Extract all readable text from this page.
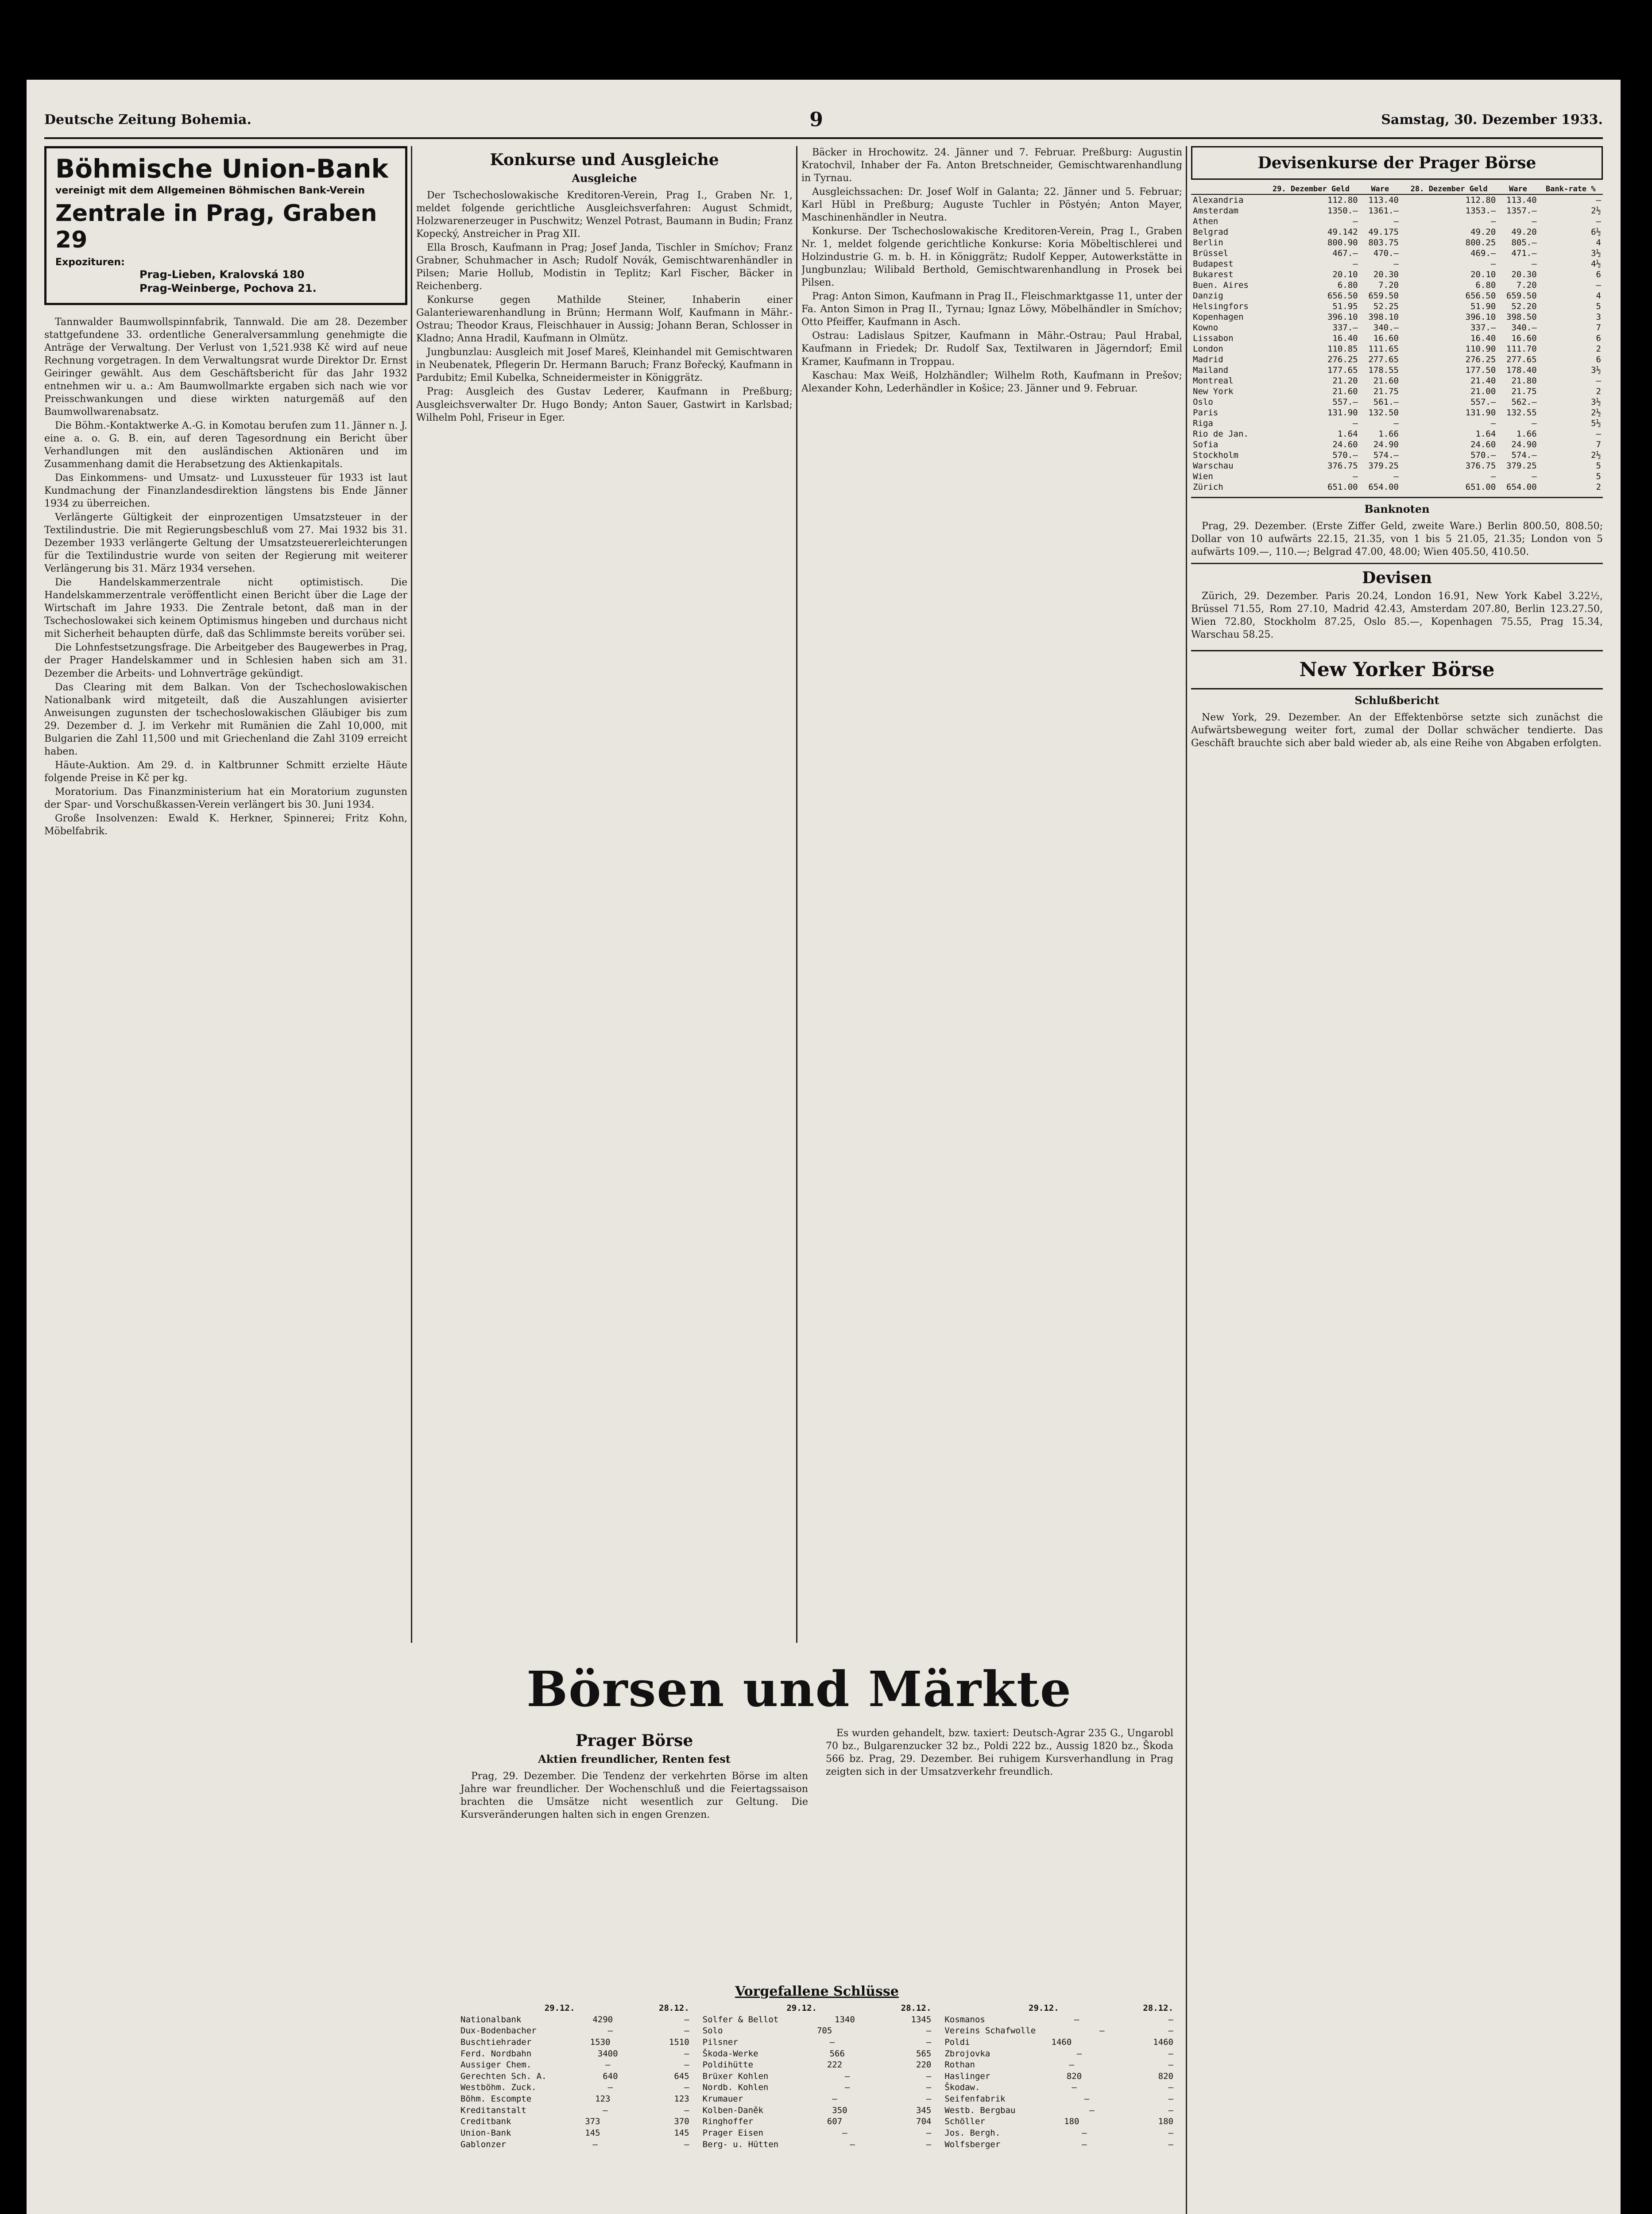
Deutsche Zeitung Bohemia.	9	Samstag, 30. Dezember 1933.
Böhmische Union-Bank
vereinigt mit dem Allgemeinen Böhmischen Bank-Verein
Zentrale in Prag, Graben 29
Expozituren:
Prag-Lieben, Kralovská 180
Prag-Weinberge, Pochova 21.

Tannwalder Baumwollspinnfabrik, Tannwald. Die am 28. Dezember stattgefundene 33. ordentliche Generalversammlung genehmigte die Anträge der Verwaltung. Der Verlust von 1,521.938 Kč wird auf neue Rechnung vorgetragen. In dem Verwaltungsrat wurde Direktor Dr. Ernst Geiringer gewählt. Aus dem Geschäftsbericht für das Jahr 1932 entnehmen wir u. a.: Am Baumwollmarkte ergaben sich nach wie vor Preisschwankungen und diese wirkten naturgemäß auf den Baumwollwarenabsatz.

Die Böhm.-Kontaktwerke A.-G. in Komotau berufen zum 11. Jänner n. J. eine a. o. G. B. ein, auf deren Tagesordnung ein Bericht über Verhandlungen mit den ausländischen Aktionären und im Zusammenhang damit die Herabsetzung des Aktienkapitals.

Das Einkommens- und Umsatz- und Luxussteuer für 1933 ist laut Kundmachung der Finanzlandesdirektion längstens bis Ende Jänner 1934 zu überreichen.

Verlängerte Gültigkeit der einprozentigen Umsatzsteuer in der Textilindustrie. Die mit Regierungsbeschluß vom 27. Mai 1932 bis 31. Dezember 1933 verlängerte Geltung der Umsatzsteuererleichterungen für die Textilindustrie wurde von seiten der Regierung mit weiterer Verlängerung bis 31. März 1934 versehen.

Die Handelskammerzentrale nicht optimistisch. Die Handelskammerzentrale veröffentlicht einen Bericht über die Lage der Wirtschaft im Jahre 1933. Die Zentrale betont, daß man in der Tschechoslowakei sich keinem Optimismus hingeben und durchaus nicht mit Sicherheit behaupten dürfe, daß das Schlimmste bereits vorüber sei.

Die Lohnfestsetzungsfrage. Die Arbeitgeber des Baugewerbes in Prag, der Prager Handelskammer und in Schlesien haben sich am 31. Dezember die Arbeits- und Lohnverträge gekündigt.

Das Clearing mit dem Balkan. Von der Tschechoslowakischen Nationalbank wird mitgeteilt, daß die Auszahlungen avisierter Anweisungen zugunsten der tschechoslowakischen Gläubiger bis zum 29. Dezember d. J. im Verkehr mit Rumänien die Zahl 10,000, mit Bulgarien die Zahl 11,500 und mit Griechenland die Zahl 3109 erreicht haben.

Häute-Auktion. Am 29. d. in Kaltbrunner Schmitt erzielte Häute folgende Preise in Kč per kg.

Moratorium. Das Finanzministerium hat ein Moratorium zugunsten der Spar- und Vorschußkassen-Verein verlängert bis 30. Juni 1934.

Große Insolvenzen: Ewald K. Herkner, Spinnerei; Fritz Kohn, Möbelfabrik.

Konkurse und Ausgleiche
Ausgleiche

Der Tschechoslowakische Kreditoren-Verein, Prag I., Graben Nr. 1, meldet folgende gerichtliche Ausgleichsverfahren: August Schmidt, Holzwarenerzeuger in Puschwitz; Wenzel Potrast, Baumann in Budin; Franz Kopecký, Anstreicher in Prag XII.

Ella Brosch, Kaufmann in Prag; Josef Janda, Tischler in Smíchov; Franz Grabner, Schuhmacher in Asch; Rudolf Novák, Gemischtwarenhändler in Pilsen; Marie Hollub, Modistin in Teplitz; Karl Fischer, Bäcker in Reichenberg.

Konkurse gegen Mathilde Steiner, Inhaberin einer Galanteriewarenhandlung in Brünn; Hermann Wolf, Kaufmann in Mähr.-Ostrau; Theodor Kraus, Fleischhauer in Aussig; Johann Beran, Schlosser in Kladno; Anna Hradil, Kaufmann in Olmütz.

Jungbunzlau: Ausgleich mit Josef Mareš, Kleinhandel mit Gemischtwaren in Neubenatek, Pflegerin Dr. Hermann Baruch; Franz Bořecký, Kaufmann in Pardubitz; Emil Kubelka, Schneidermeister in Königgrätz.

Prag: Ausgleich des Gustav Lederer, Kaufmann in Preßburg; Ausgleichsverwalter Dr. Hugo Bondy; Anton Sauer, Gastwirt in Karlsbad; Wilhelm Pohl, Friseur in Eger.

Bäcker in Hrochowitz. 24. Jänner und 7. Februar. Preßburg: Augustin Kratochvil, Inhaber der Fa. Anton Bretschneider, Gemischtwarenhandlung in Tyrnau.

Ausgleichssachen: Dr. Josef Wolf in Galanta; 22. Jänner und 5. Februar; Karl Hübl in Preßburg; Auguste Tuchler in Pöstyén; Anton Mayer, Maschinenhändler in Neutra.

Konkurse. Der Tschechoslowakische Kreditoren-Verein, Prag I., Graben Nr. 1, meldet folgende gerichtliche Konkurse: Koria Möbeltischlerei und Holzindustrie G. m. b. H. in Königgrätz; Rudolf Kepper, Autowerkstätte in Jungbunzlau; Wilibald Berthold, Gemischtwarenhandlung in Prosek bei Pilsen.

Prag: Anton Simon, Kaufmann in Prag II., Fleischmarktgasse 11, unter der Fa. Anton Simon in Prag II., Tyrnau; Ignaz Löwy, Möbelhändler in Smíchov; Otto Pfeiffer, Kaufmann in Asch.

Ostrau: Ladislaus Spitzer, Kaufmann in Mähr.-Ostrau; Paul Hrabal, Kaufmann in Friedek; Dr. Rudolf Sax, Textilwaren in Jägerndorf; Emil Kramer, Kaufmann in Troppau.

Kaschau: Max Weiß, Holzhändler; Wilhelm Roth, Kaufmann in Prešov; Alexander Kohn, Lederhändler in Košice; 23. Jänner und 9. Februar.

Devisenkurse der Prager Börse
	29. Dezember Geld	Ware	28. Dezember Geld	Ware	Bank-rate %
Alexandria	112.80	113.40	112.80	113.40	—
Amsterdam	1350.—	1361.—	1353.—	1357.—	2½
Athen	—	—	—	—	—
Belgrad	49.142	49.175	49.20	49.20	6½
Berlin	800.90	803.75	800.25	805.—	4
Brüssel	467.—	470.—	469.—	471.—	3½
Budapest	—	—	—	—	4½
Bukarest	20.10	20.30	20.10	20.30	6
Buen. Aires	6.80	7.20	6.80	7.20	—
Danzig	656.50	659.50	656.50	659.50	4
Helsingfors	51.95	52.25	51.90	52.20	5
Kopenhagen	396.10	398.10	396.10	398.50	3
Kowno	337.—	340.—	337.—	340.—	7
Lissabon	16.40	16.60	16.40	16.60	6
London	110.85	111.65	110.90	111.70	2
Madrid	276.25	277.65	276.25	277.65	6
Mailand	177.65	178.55	177.50	178.40	3½
Montreal	21.20	21.60	21.40	21.80	—
New York	21.60	21.75	21.00	21.75	2
Oslo	557.—	561.—	557.—	562.—	3½
Paris	131.90	132.50	131.90	132.55	2½
Riga	—	—	—	—	5½
Rio de Jan.	1.64	1.66	1.64	1.66	—
Sofia	24.60	24.90	24.60	24.90	7
Stockholm	570.—	574.—	570.—	574.—	2½
Warschau	376.75	379.25	376.75	379.25	5
Wien	—	—	—	—	5
Zürich	651.00	654.00	651.00	654.00	2
Banknoten

Prag, 29. Dezember. (Erste Ziffer Geld, zweite Ware.) Berlin 800.50, 808.50; Dollar von 10 aufwärts 22.15, 21.35, von 1 bis 5 21.05, 21.35; London von 5 aufwärts 109.—, 110.—; Belgrad 47.00, 48.00; Wien 405.50, 410.50.

Devisen

Zürich, 29. Dezember. Paris 20.24, London 16.91, New York Kabel 3.22½, Brüssel 71.55, Rom 27.10, Madrid 42.43, Amsterdam 207.80, Berlin 123.27.50, Wien 72.80, Stockholm 87.25, Oslo 85.—, Kopenhagen 75.55, Prag 15.34, Warschau 58.25.

New Yorker Börse
Schlußbericht

New York, 29. Dezember. An der Effektenbörse setzte sich zunächst die Aufwärtsbewegung weiter fort, zumal der Dollar schwächer tendierte. Das Geschäft brauchte sich aber bald wieder ab, als eine Reihe von Abgaben erfolgten.

Börsen und Märkte
Prager Börse
Aktien freundlicher, Renten fest

Prag, 29. Dezember. Die Tendenz der verkehrten Börse im alten Jahre war freundlicher. Der Wochenschluß und die Feiertagssaison brachten die Umsätze nicht wesentlich zur Geltung. Die Kursveränderungen halten sich in engen Grenzen.

Es wurden gehandelt, bzw. taxiert: Deutsch-Agrar 235 G., Ungarobl 70 bz., Bulgarenzucker 32 bz., Poldi 222 bz., Aussig 1820 bz., Škoda 566 bz. Prag, 29. Dezember. Bei ruhigem Kursverhandlung in Prag zeigten sich in der Umsatzverkehr freundlich.

Vorgefallene Schlüsse
29.12.	28.12.
Nationalbank	4290	—
Dux-Bodenbacher	—	—
Buschtiehrader	1530	1510
Ferd. Nordbahn	3400	—
Aussiger Chem.	—	—
Gerechten Sch. A.	640	645
Westböhm. Zuck.	—	—
Böhm. Escompte	123	123
Kreditanstalt	—	—
Creditbank	373	370
Union-Bank	145	145
Gablonzer	—	—
29.12.	28.12.
Solfer & Bellot	1340	1345
Solo	705	—
Pilsner	—	—
Škoda-Werke	566	565
Poldihütte	222	220
Brüxer Kohlen	—	—
Nordb. Kohlen	—	—
Krumauer	—	—
Kolben-Daněk	350	345
Ringhoffer	607	704
Prager Eisen	—	—
Berg- u. Hütten	—	—
29.12.	28.12.
Kosmanos	—	—
Vereins Schafwolle	—	—
Poldi	1460	1460
Zbrojovka	—	—
Rothan	—	—
Haslinger	820	820
Škodaw.	—	—
Seifenfabrik	—	—
Westb. Bergbau	—	—
Schöller	180	180
Jos. Bergh.	—	—
Wolfsberger	—	—
